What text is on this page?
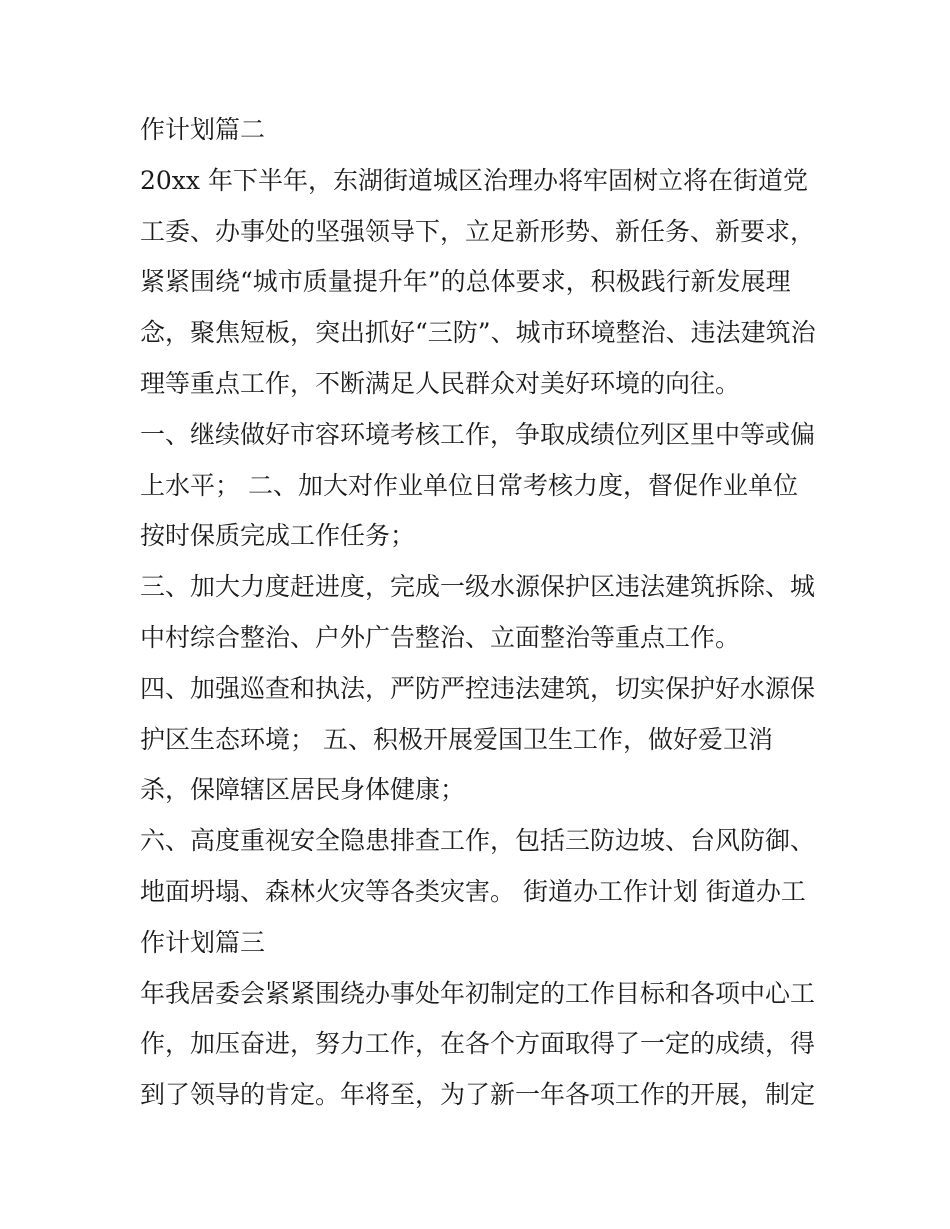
作计划篇二
20xx 年下半年，东湖街道城区治理办将牢固树立将在街道党
工委、办事处的坚强领导下，立足新形势、新任务、新要求，
紧紧围绕“城市质量提升年”的总体要求，积极践行新发展理
念，聚焦短板，突出抓好“三防”、城市环境整治、违法建筑治
理等重点工作，不断满足人民群众对美好环境的向往。
一、继续做好市容环境考核工作，争取成绩位列区里中等或偏
上水平； 二、加大对作业单位日常考核力度，督促作业单位
按时保质完成工作任务；
三、加大力度赶进度，完成一级水源保护区违法建筑拆除、城
中村综合整治、户外广告整治、立面整治等重点工作。
四、加强巡查和执法，严防严控违法建筑，切实保护好水源保
护区生态环境； 五、积极开展爱国卫生工作，做好爱卫消
杀，保障辖区居民身体健康；
六、高度重视安全隐患排查工作，包括三防边坡、台风防御、
地面坍塌、森林火灾等各类灾害。 街道办工作计划 街道办工
作计划篇三
年我居委会紧紧围绕办事处年初制定的工作目标和各项中心工
作，加压奋进，努力工作，在各个方面取得了一定的成绩，得
到了领导的肯定。年将至，为了新一年各项工作的开展，制定
